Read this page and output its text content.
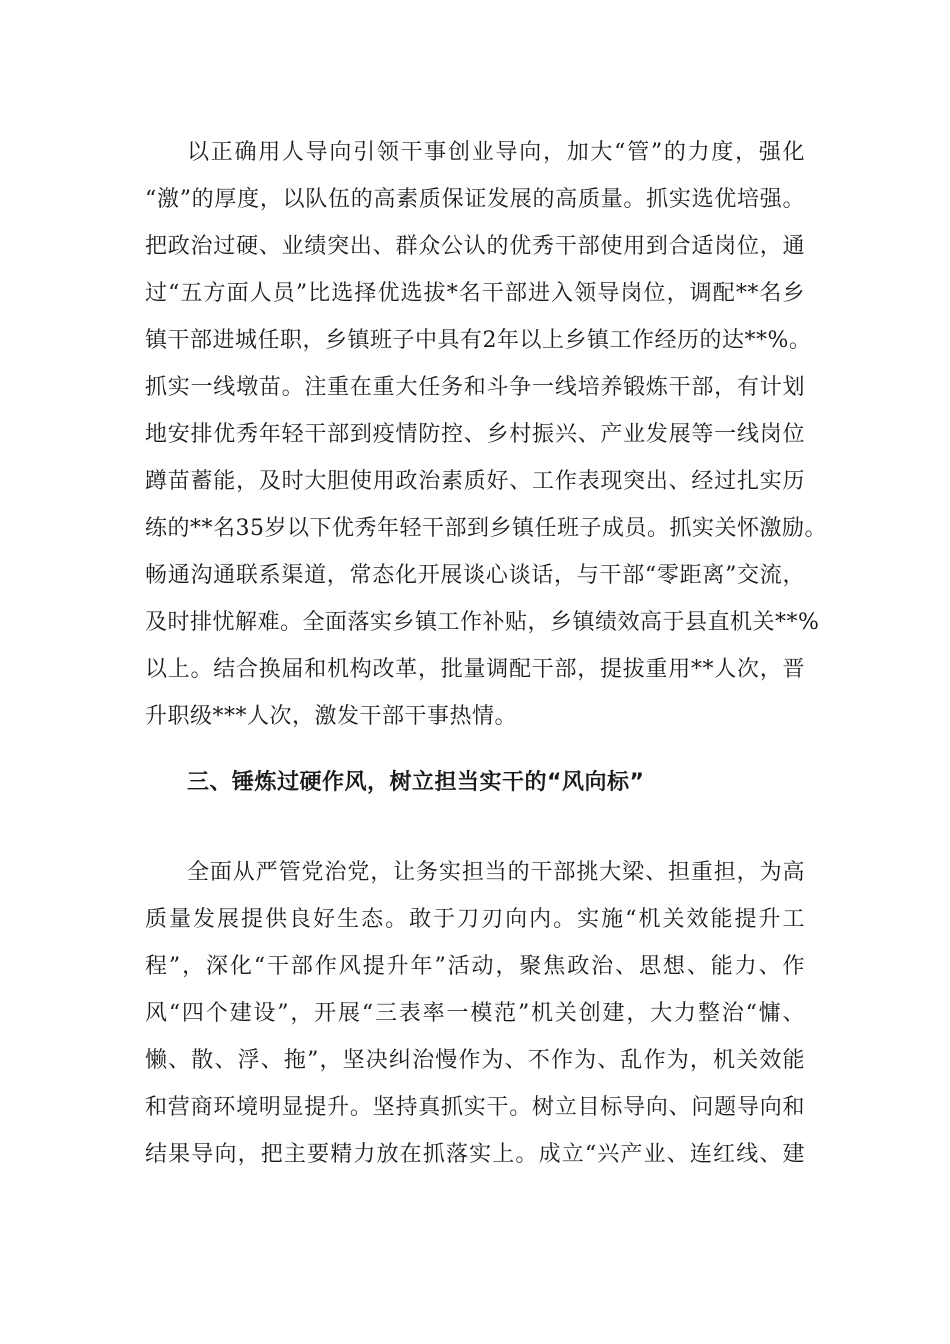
以正确用人导向引领干事创业导向，加大“管”的力度，强化
“激”的厚度，以队伍的高素质保证发展的高质量。抓实选优培强。
把政治过硬、业绩突出、群众公认的优秀干部使用到合适岗位，通
过“五方面人员”比选择优选拔*名干部进入领导岗位，调配**名乡
镇干部进城任职，乡镇班子中具有2年以上乡镇工作经历的达**%。
抓实一线墩苗。注重在重大任务和斗争一线培养锻炼干部，有计划
地安排优秀年轻干部到疫情防控、乡村振兴、产业发展等一线岗位
蹲苗蓄能，及时大胆使用政治素质好、工作表现突出、经过扎实历
练的**名35岁以下优秀年轻干部到乡镇任班子成员。抓实关怀激励。
畅通沟通联系渠道，常态化开展谈心谈话，与干部“零距离”交流，
及时排忧解难。全面落实乡镇工作补贴，乡镇绩效高于县直机关**%
以上。结合换届和机构改革，批量调配干部，提拔重用**人次，晋
升职级***人次，激发干部干事热情。
三、锤炼过硬作风，树立担当实干的“风向标”
全面从严管党治党，让务实担当的干部挑大梁、担重担，为高
质量发展提供良好生态。敢于刀刃向内。实施“机关效能提升工
程”，深化“干部作风提升年”活动，聚焦政治、思想、能力、作
风“四个建设”，开展“三表率一模范”机关创建，大力整治“慵、
懒、散、浮、拖”，坚决纠治慢作为、不作为、乱作为，机关效能
和营商环境明显提升。坚持真抓实干。树立目标导向、问题导向和
结果导向，把主要精力放在抓落实上。成立“兴产业、连红线、建
